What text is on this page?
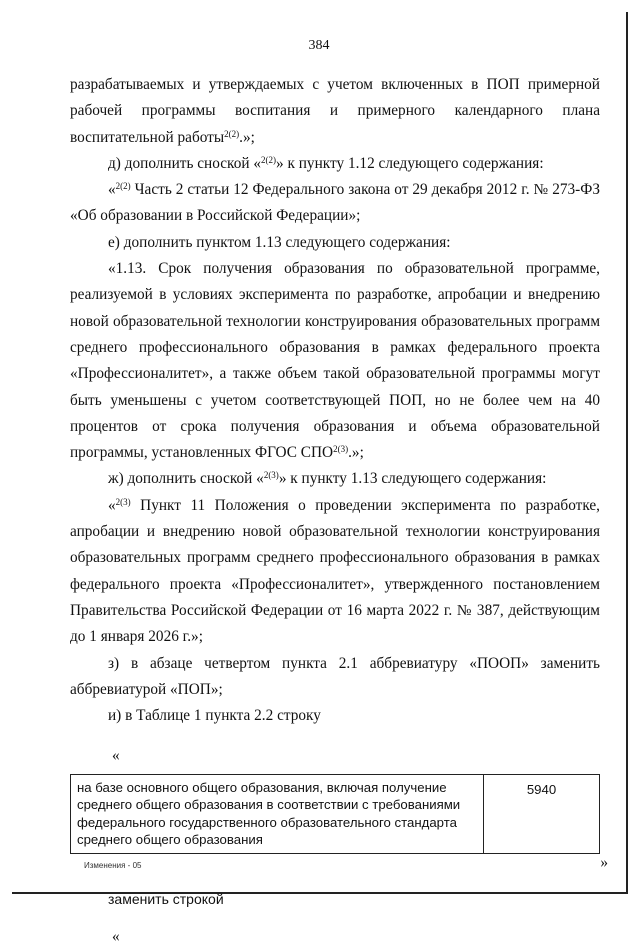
384

разрабатываемых и утверждаемых с учетом включенных в ПОП примерной рабочей программы воспитания и примерного календарного плана воспитательной работы$^{2(2)}$.»;

д) дополнить сноской «$^{2(2)}$» к пункту 1.12 следующего содержания:

«$^{2(2)}$ Часть 2 статьи 12 Федерального закона от 29 декабря 2012 г. № 273-ФЗ «Об образовании в Российской Федерации»;

е) дополнить пунктом 1.13 следующего содержания:

«1.13. Срок получения образования по образовательной программе, реализуемой в условиях эксперимента по разработке, апробации и внедрению новой образовательной технологии конструирования образовательных программ среднего профессионального образования в рамках федерального проекта «Профессионалитет», а также объем такой образовательной программы могут быть уменьшены с учетом соответствующей ПОП, но не более чем на 40 процентов от срока получения образования и объема образовательной программы, установленных ФГОС $СПО^{2(3)}$.»;

ж) дополнить сноской «$^{2(3)}$» к пункту 1.13 следующего содержания:

«$^{2(3)}$ Пункт 11 Положения о проведении эксперимента по разработке, апробации и внедрению новой образовательной технологии конструирования образовательных программ среднего профессионального образования в рамках федерального проекта «Профессионалитет», утвержденного постановлением Правительства Российской Федерации от 16 марта 2022 г. № 387, действующим до 1 января 2026 г.»;

з) в абзаце четвертом пункта 2.1 аббревиатуру «ПООП» заменить аббревиатурой «ПОП»;

и) в Таблице 1 пункта 2.2 строку

«

на базе основного общего образования, включая получение среднего общего образования в соответствии с требованиями федерального государственного образовательного стандарта среднего общего образования	5940

»

заменить строкой

«

Изменения - 05
